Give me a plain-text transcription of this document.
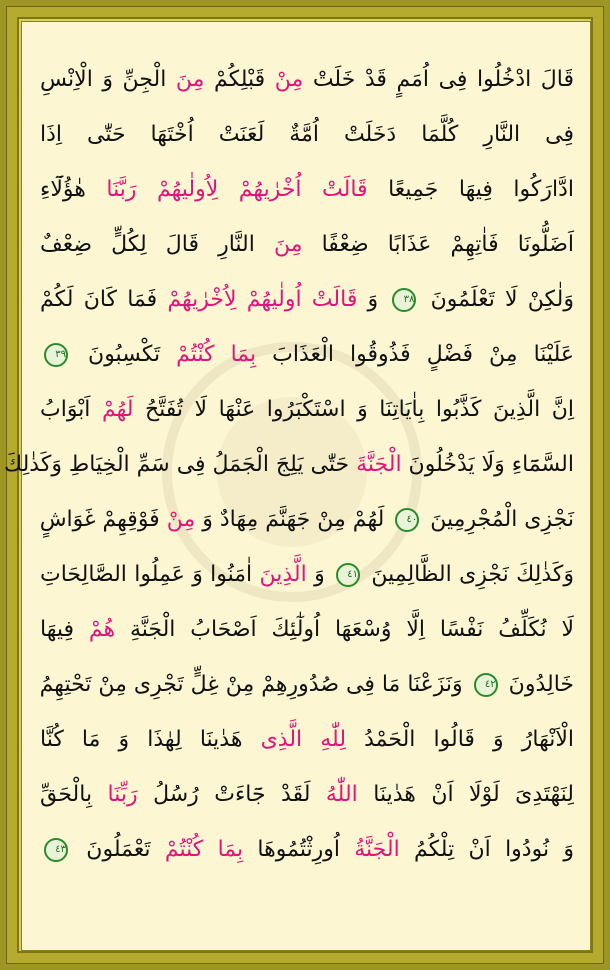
قَالَ ادْخُلُوا فِى اُمَمٍ قَدْ خَلَتْ مِنْ قَبْلِكُمْ مِنَ الْجِنِّ وَ الْاِنْسِ
فِى النَّارِ كُلَّمَا دَخَلَتْ اُمَّةٌ لَعَنَتْ اُخْتَهَا حَتّٰى اِذَا
ادَّارَكُوا فِيهَا جَمِيعًا قَالَتْ اُخْرٰيهُمْ لِاُولٰيهُمْ رَبَّنَا هٰؤُلَٓاءِ
اَضَلُّونَا فَاٰتِهِمْ عَذَابًا ضِعْفًا مِنَ النَّارِ قَالَ لِكُلٍّ ضِعْفٌ
وَلٰكِنْ لَا تَعْلَمُونَ ٣٨ وَ قَالَتْ اُولٰيهُمْ لِاُخْرٰيهُمْ فَمَا كَانَ لَكُمْ
عَلَيْنَا مِنْ فَضْلٍ فَذُوقُوا الْعَذَابَ بِمَا كُنْتُمْ تَكْسِبُونَ ٣٩
اِنَّ الَّذِينَ كَذَّبُوا بِاٰيَاتِنَا وَ اسْتَكْبَرُوا عَنْهَا لَا تُفَتَّحُ لَهُمْ اَبْوَابُ
السَّمَٓاءِ وَلَا يَدْخُلُونَ الْجَنَّةَ حَتّٰى يَلِجَ الْجَمَلُ فِى سَمِّ الْخِيَاطِ وَكَذٰلِكَ
نَجْزِى الْمُجْرِمِينَ ٤٠ لَهُمْ مِنْ جَهَنَّمَ مِهَادٌ وَ مِنْ فَوْقِهِمْ غَوَاشٍ
وَكَذٰلِكَ نَجْزِى الظَّالِمِينَ ٤١ وَ الَّذِينَ اٰمَنُوا وَ عَمِلُوا الصَّالِحَاتِ
لَا نُكَلِّفُ نَفْسًا اِلَّا وُسْعَهَا اُولٰٓئِكَ اَصْحَابُ الْجَنَّةِ هُمْ فِيهَا
خَالِدُونَ ٤٢ وَنَزَعْنَا مَا فِى صُدُورِهِمْ مِنْ غِلٍّ تَجْرِى مِنْ تَحْتِهِمُ
الْاَنْهَارُ وَ قَالُوا الْحَمْدُ لِلّٰهِ الَّذِى هَدٰينَا لِهٰذَا وَ مَا كُنَّا
لِنَهْتَدِىَ لَوْلَا اَنْ هَدٰينَا اللّٰهُ لَقَدْ جَٓاءَتْ رُسُلُ رَبِّنَا بِالْحَقِّ
وَ نُودُوا اَنْ تِلْكُمُ الْجَنَّةُ اُورِثْتُمُوهَا بِمَا كُنْتُمْ تَعْمَلُونَ ٤٣
